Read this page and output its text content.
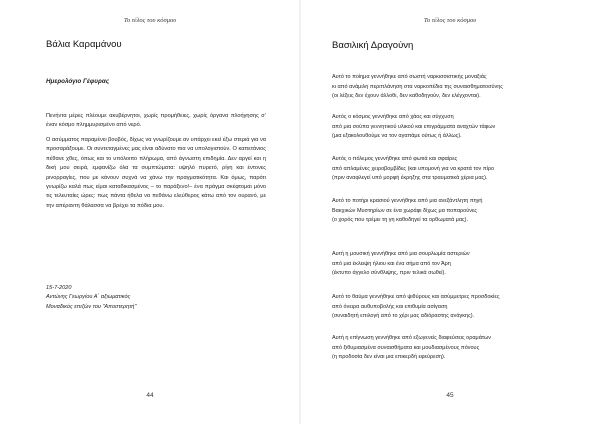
Το τέλος του κόσμου
Βάλια Καραμάνου
Ημερολόγιο Γέφυρας
Πενήντα μέρες πλέουμε ακυβέρνητοι, χωρίς προμήθειες, χωρίς όργανα πλοήγησης σ’ έναν κόσμο πλημμυρισμένο από νερό.
Ο ασύμματος παραμένει βουβός, δίχως να γνωρίζουμε αν υπάρχει εκεί έξω στεριά για να προσαράξουμε. Οι συντεταγμένες μας είναι αδύνατο πια να υπολογιστούν. Ο καπετάνιος πέθανε χθες, όπως και το υπόλοιπο πλήρωμα, από άγνωστη επιδημία. Δεν αργεί και η δική μου σειρά, εμφανίζω όλα τα συμπτώματα: υψηλό πυρετό, ρίγη και έντονες ρινορραγίες, που με κάνουν συχνά να χάνω την πραγματικότητα. Και όμως, παρότι γνωρίζω καλά πως είμαι καταδικασμένος – το παράξενο!– ένα πράγμα σκέφτομαι μόνο τις τελευταίες ώρες: πως πάντα ήθελα να πεθάνω ελεύθερος κάτω από τον ουρανό, με την απέραντη θάλασσα να βρέχει τα πόδια μου.
15-7-2020
Αντώνης Γεωργίου Α΄ αξιωματικός
Μοναδικός επιζών του "Αποστερητή"
44
Το τέλος του κόσμου
Βασιλική Δραγούνη
Αυτό το ποίημα γεννήθηκε από σωστή ναρκισσιστικής μοναξιάς
κι από ανάμιλη περιπλάνηση στα ναρκοπέδια της συναισθηματοσύνης
(οι λέξεις δεν έχουν άλλοθι, δεν καθοδηγούν, δεν ελέγχονται).
Αυτός ο κόσμος γεννήθηκε από χάος και σύγχυση
από μια σούπα γεννητικού υλικού και επιγράμματα αναχτών τάφων
(μια εξακολουθούμε να τον αγαπάμε ούτως ή άλλως).
Αυτός ο πόλεμος γεννήθηκε από φωτιά και σφαίρες
από απλαμένες χειροβομβίδες (και υπομονή για να κρατά τον πίρο
(πριν αναφλεγεί υπό μορφή έκρηξης στα τραυματικά χέρια μας).
Αυτό το ποτήρι κρασιού γεννήθηκε από μια ανεξάντλητη πηγή
Βακχικών Μυστηρίων σε ένα χωράφι δίχως μα ποπαρούνες
(ο χορός που τρέμει τη γη καθοδηγεί τα ορθωματά μας).
Αυτή η μουσική γεννήθηκε από μια σουρλωμία αστεριών
από μια έκλειψη ήλιου και ένα σήμα από τον Άρη
(έκτυπο άγγελο σύνθλιψης, πριν τελικά σωθεί).
Αυτό το θαύμα γεννήθηκε από ψιθύρους και ασύμμετρες προσδοκίες
από όνειρα αυθυποβολής και επιθυμία ασίγαση
(συναιδητή επιλογή από το χέρι μας αδιόραστης ανάγκης).
Αυτή η επίγνωση γεννήθηκε από εξωγενείς διαφεύσεις οραμάτων
από ξιθυμιασμένα συναισθήματα και μουδιασμένους πόνους
(η προδοσία δεν είναι μια επικερδή εφεύρεση).
45
